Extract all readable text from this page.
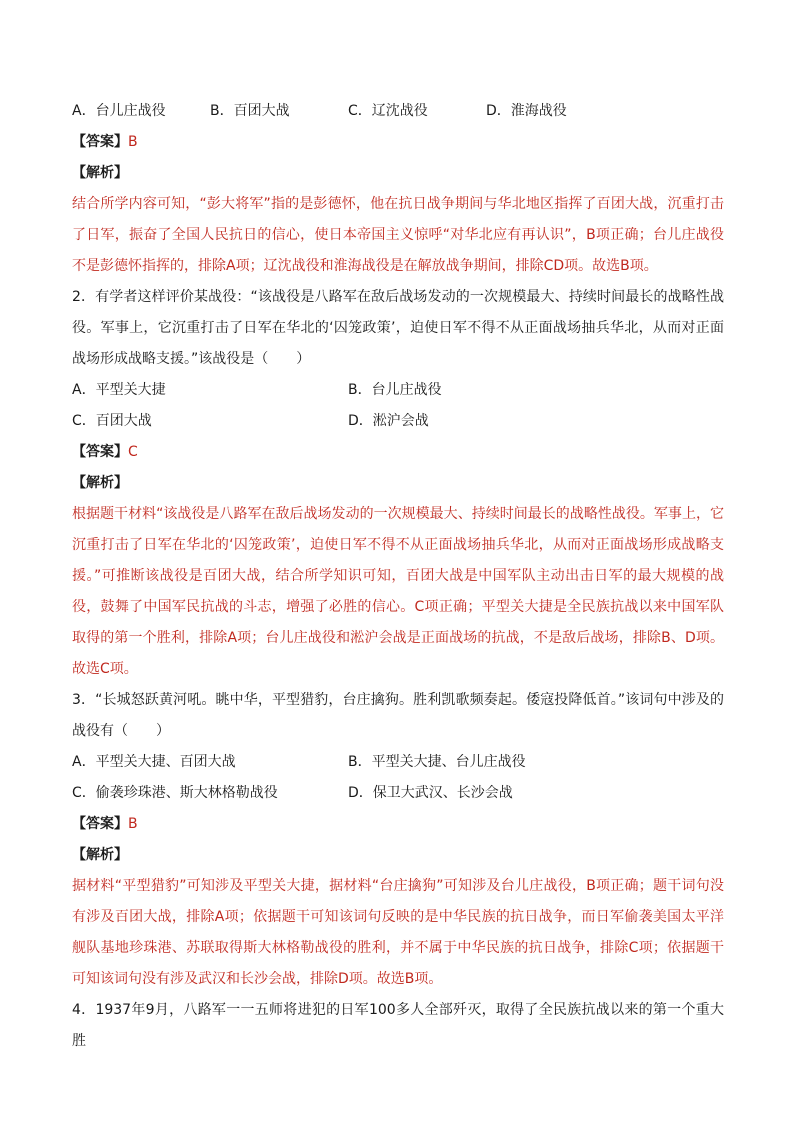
A．台儿庄战役	B．百团大战	C．辽沈战役	D．淮海战役
【答案】B
【解析】
结合所学内容可知，“彭大将军”指的是彭德怀，他在抗日战争期间与华北地区指挥了百团大战，沉重打击了日军，振奋了全国人民抗日的信心，使日本帝国主义惊呼“对华北应有再认识”，B项正确；台儿庄战役不是彭德怀指挥的，排除A项；辽沈战役和淮海战役是在解放战争期间，排除CD项。故选B项。
2．有学者这样评价某战役：“该战役是八路军在敌后战场发动的一次规模最大、持续时间最长的战略性战役。军事上，它沉重打击了日军在华北的‘囚笼政策’，迫使日军不得不从正面战场抽兵华北，从而对正面战场形成战略支援。”该战役是（　　）
A．平型关大捷	B．台儿庄战役
C．百团大战	D．淞沪会战
【答案】C
【解析】
根据题干材料“该战役是八路军在敌后战场发动的一次规模最大、持续时间最长的战略性战役。军事上，它沉重打击了日军在华北的‘囚笼政策’，迫使日军不得不从正面战场抽兵华北，从而对正面战场形成战略支援。”可推断该战役是百团大战，结合所学知识可知，百团大战是中国军队主动出击日军的最大规模的战役，鼓舞了中国军民抗战的斗志，增强了必胜的信心。C项正确；平型关大捷是全民族抗战以来中国军队取得的第一个胜利，排除A项；台儿庄战役和淞沪会战是正面战场的抗战，不是敌后战场，排除B、D项。故选C项。
3．“长城怒跃黄河吼。眺中华，平型猎豹，台庄擒狗。胜利凯歌频奏起。倭寇投降低首。”该词句中涉及的战役有（　　）
A．平型关大捷、百团大战	B．平型关大捷、台儿庄战役
C．偷袭珍珠港、斯大林格勒战役	D．保卫大武汉、长沙会战
【答案】B
【解析】
据材料“平型猎豹”可知涉及平型关大捷，据材料“台庄擒狗”可知涉及台儿庄战役，B项正确；题干词句没有涉及百团大战，排除A项；依据题干可知该词句反映的是中华民族的抗日战争，而日军偷袭美国太平洋舰队基地珍珠港、苏联取得斯大林格勒战役的胜利，并不属于中华民族的抗日战争，排除C项；依据题干可知该词句没有涉及武汉和长沙会战，排除D项。故选B项。
4．1937年9月，八路军一一五师将进犯的日军100多人全部歼灭，取得了全民族抗战以来的第一个重大胜
